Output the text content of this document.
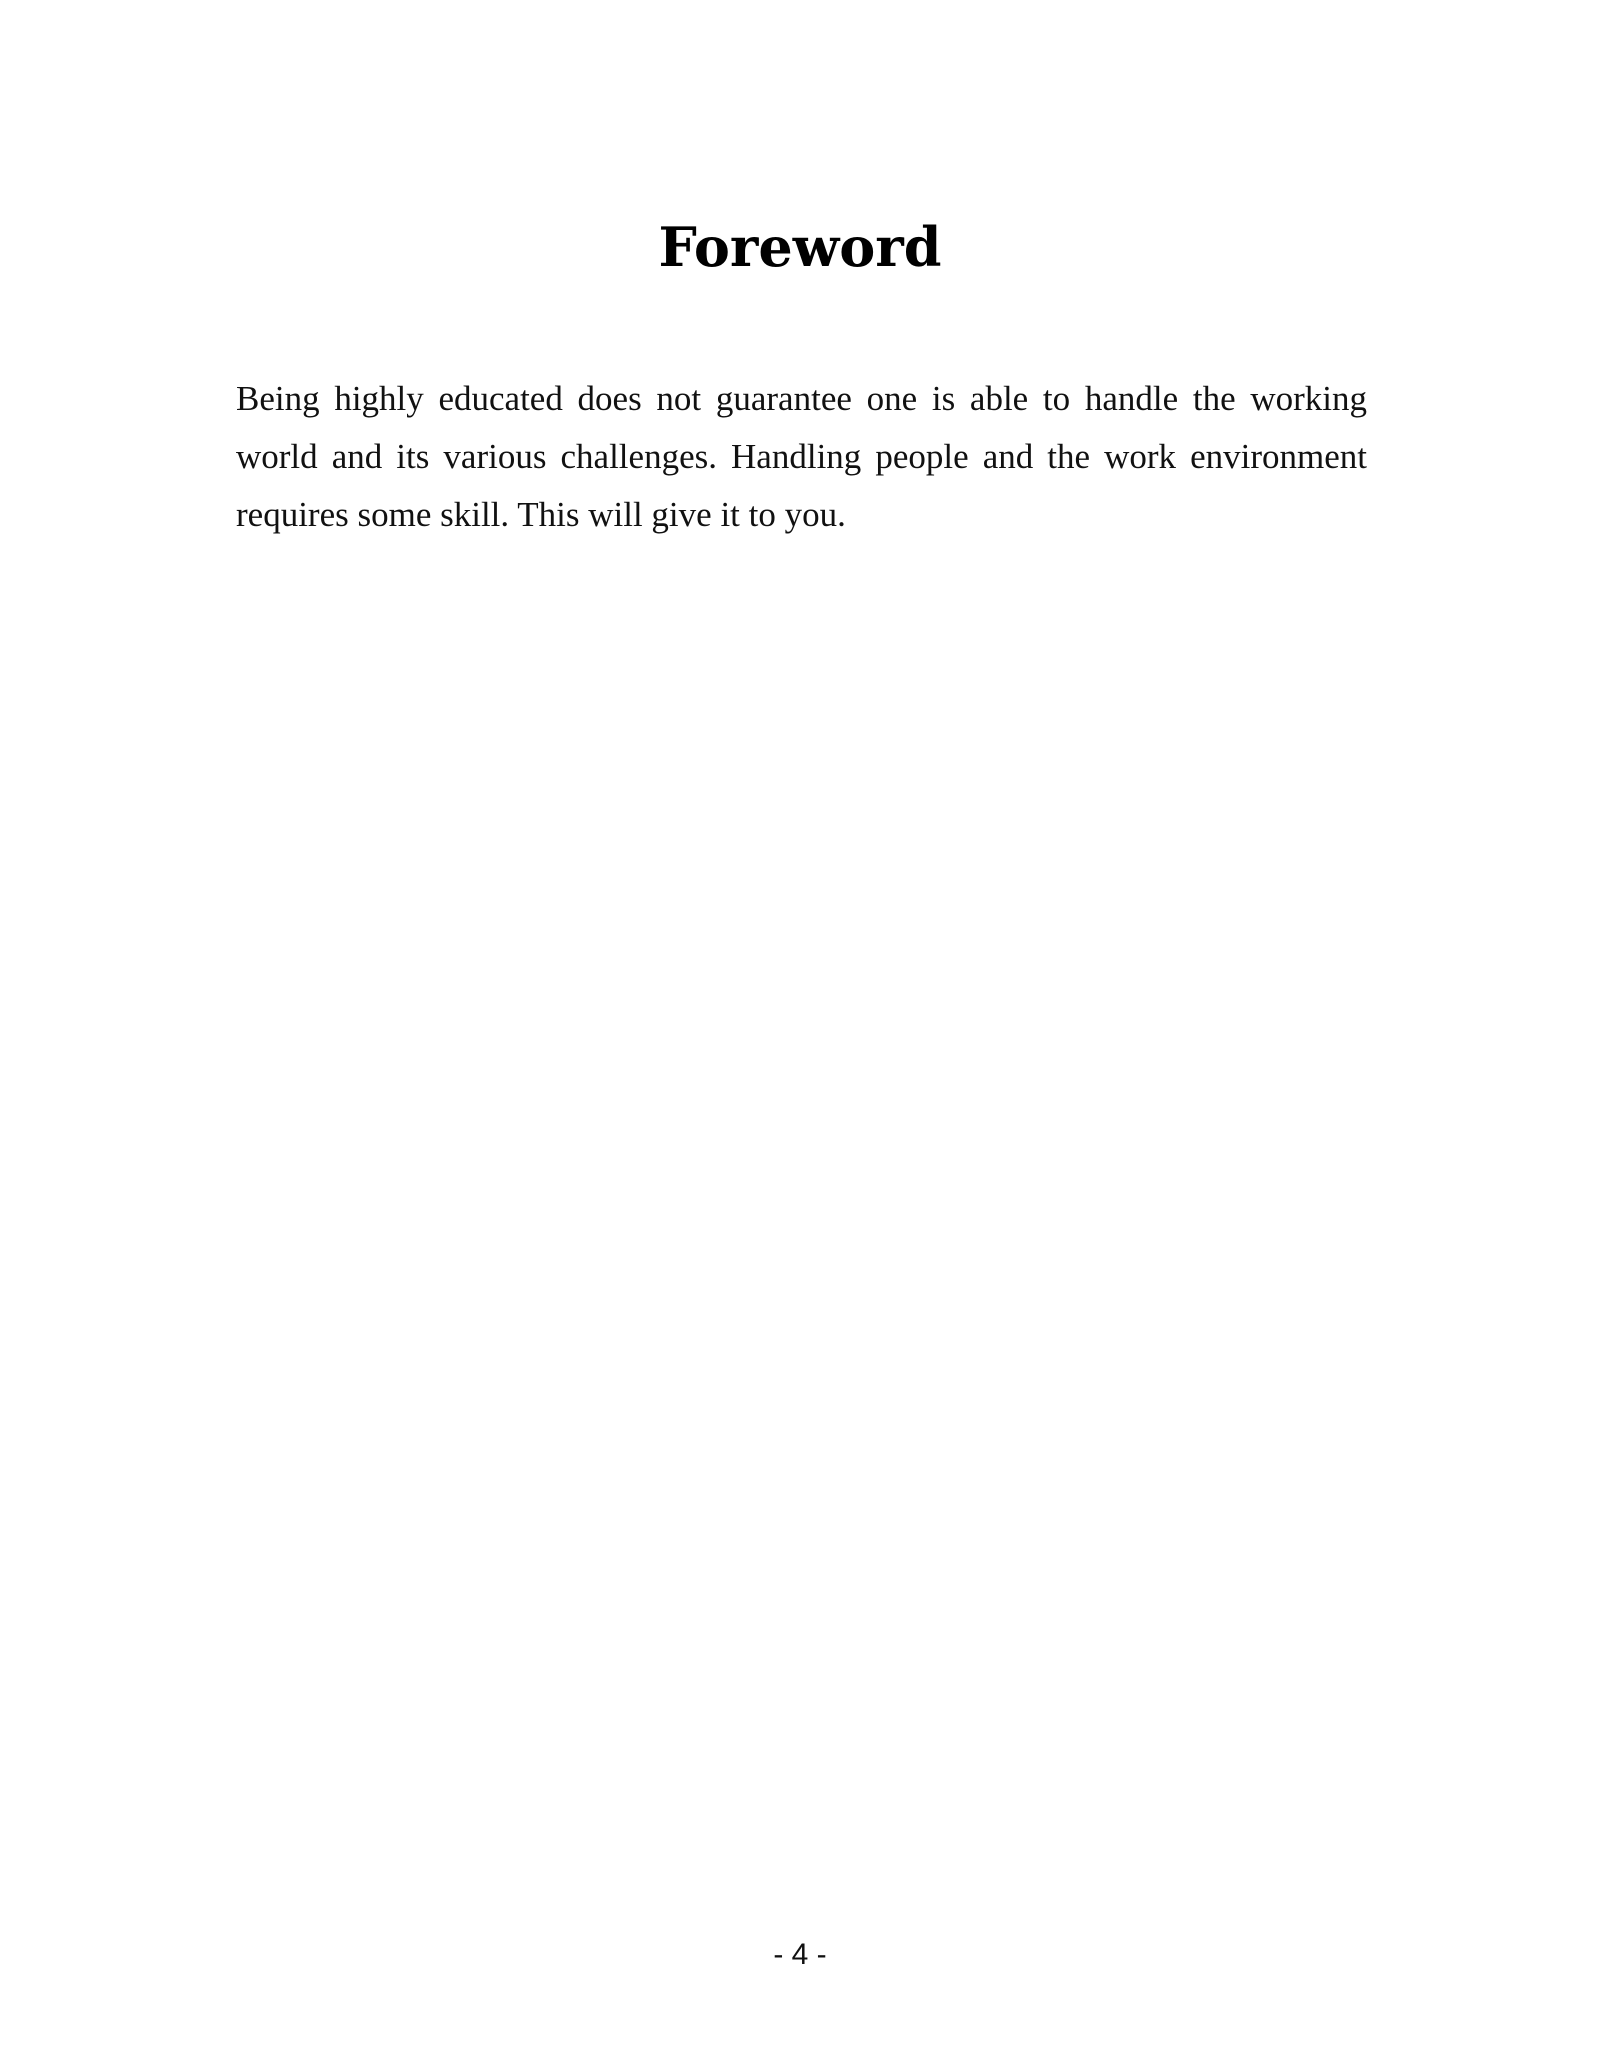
Foreword

Being highly educated does not guarantee one is able to handle the working world and its various challenges. Handling people and the work environment requires some skill. This will give it to you.

- 4 -
